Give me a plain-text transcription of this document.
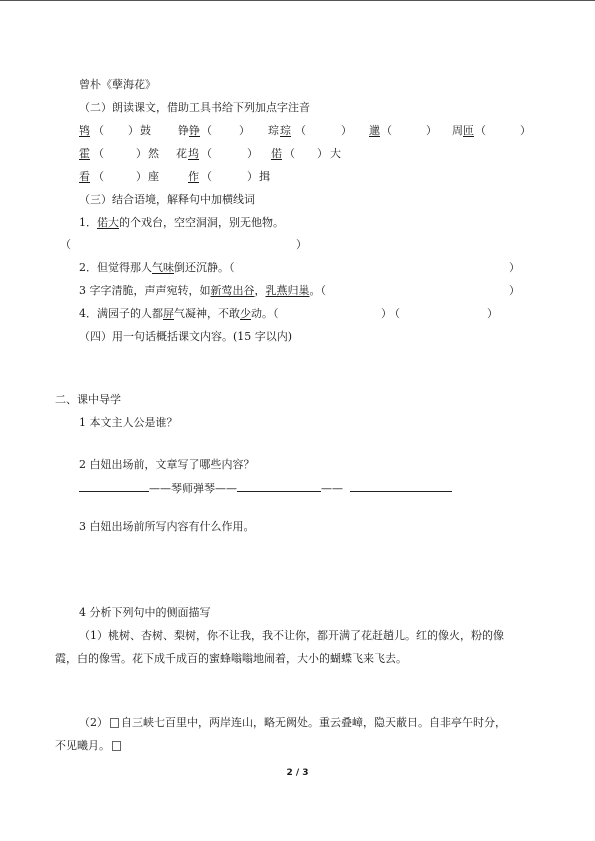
曾朴《孽海花》
（二）朗读课文，借助工具书给下列加点字注音
鸨 （ ） 鼓 铮 铮 （ ） 琮 琮 （	） 邋 （	） 周 匝 （	）
霍 （	） 然 花 坞 （	） 偌 （ ） 大
看 （	） 座	作 （	） 揖
（三）结合语境，解释句中加横线词
1．偌大的个戏台，空空洞洞，别无他物。
（	）
2．但觉得那人气味倒还沉静。（	）
3 字字清脆，声声宛转，如新莺出谷，乳燕归巢。（	）
4．满园子的人都屏气凝神，不敢少动。（	）
（	）
（四）用一句话概括课文内容。(15 字以内)
二、课中导学
1 本文主人公是谁？
2 白妞出场前，文章写了哪些内容？
——琴师弹琴——	——
3 白妞出场前所写内容有什么作用。
4 分析下列句中的侧面描写
（1）桃树、杏树、梨树，你不让我，我不让你，都开满了花赶趟儿。红的像火，粉的像
霞，白的像雪。花下成千成百的蜜蜂嗡嗡地闹着，大小的蝴蝶飞来飞去。
（2） 自三峡七百里中，两岸连山，略无阙处。重云叠嶂，隐天蔽日。自非亭午时分，
不见曦月。
2 / 3
